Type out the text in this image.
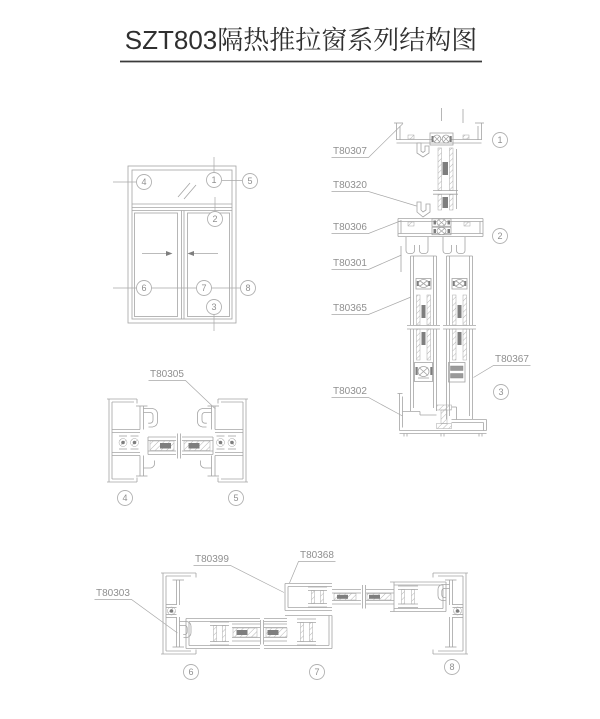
SZT803隔热推拉窗系列结构图
T80307
T80320
T80306
T80301
T80365
T80302
T80367
T80305
T80303
T80399	T80368
4	1	5
2
6	7	8
3
1
2
3
4	5
6	7	8
